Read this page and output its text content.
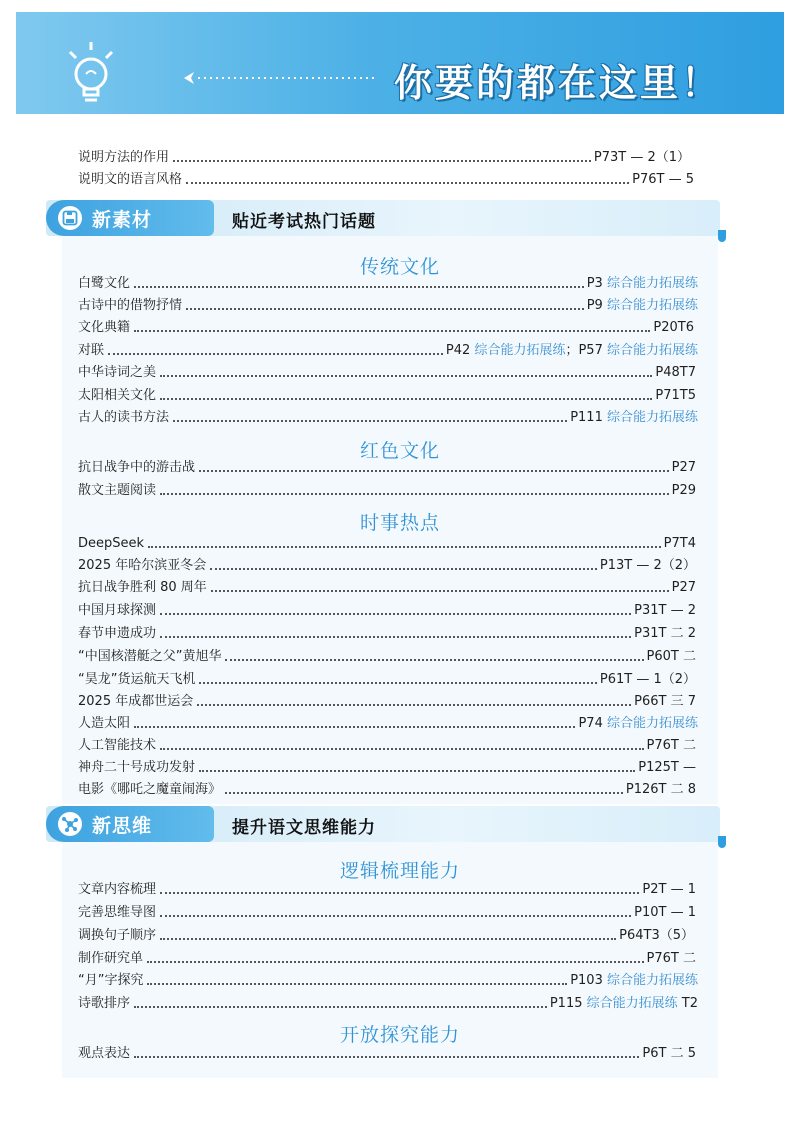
你要的都在这里！
说明方法的作用	P73T — 2（1）
说明文的语言风格	P76T — 5
新素材	贴近考试热门话题
传统文化
白鹭文化	P3 综合能力拓展练
古诗中的借物抒情	P9 综合能力拓展练
文化典籍	P20T6
对联	P42 综合能力拓展练；P57 综合能力拓展练
中华诗词之美	P48T7
太阳相关文化	P71T5
古人的读书方法	P111 综合能力拓展练
红色文化
抗日战争中的游击战	P27
散文主题阅读	P29
时事热点
DeepSeek	P7T4
2025 年哈尔滨亚冬会	P13T — 2（2）
抗日战争胜利 80 周年	P27
中国月球探测	P31T — 2
春节申遗成功	P31T 二 2
“中国核潜艇之父”黄旭华	P60T 二
“昊龙”货运航天飞机	P61T — 1（2）
2025 年成都世运会	P66T 三 7
人造太阳	P74 综合能力拓展练
人工智能技术	P76T 二
神舟二十号成功发射	P125T —
电影《哪吒之魔童闹海》	P126T 二 8
新思维	提升语文思维能力
逻辑梳理能力
文章内容梳理	P2T — 1
完善思维导图	P10T — 1
调换句子顺序	P64T3（5）
制作研究单	P76T 二
“月”字探究	P103 综合能力拓展练
诗歌排序	P115 综合能力拓展练 T2
开放探究能力
观点表达	P6T 二 5
